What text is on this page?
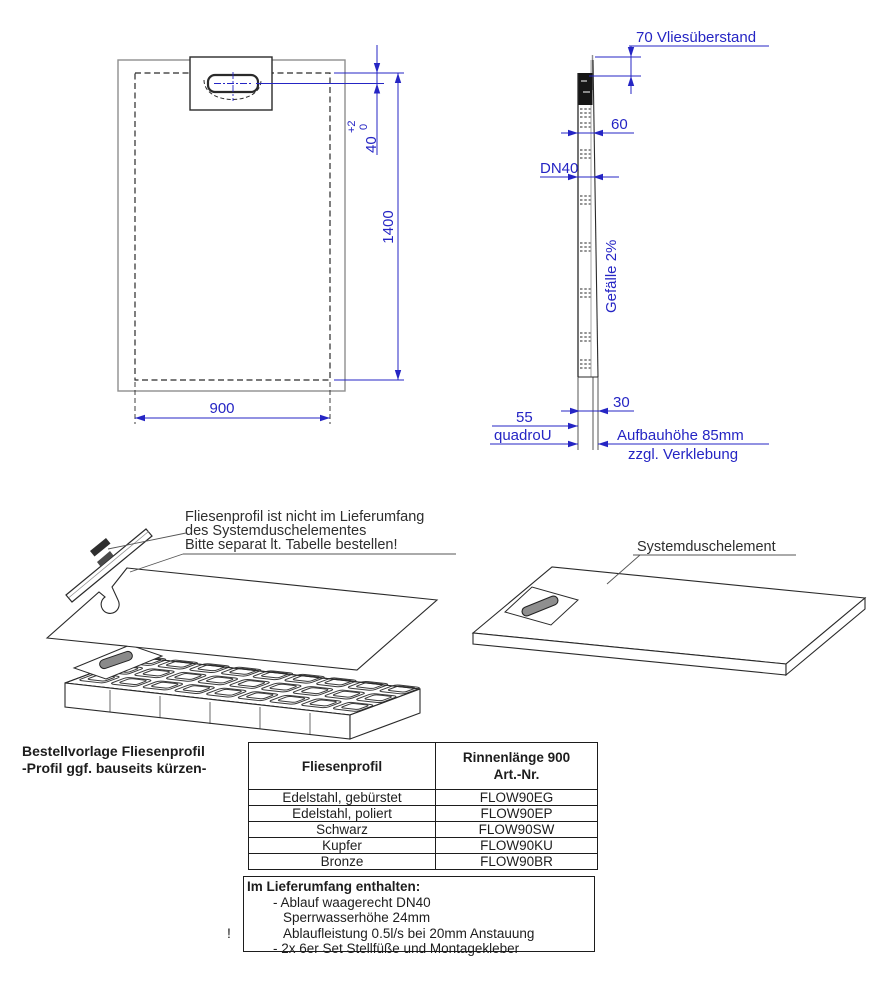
40
+2 0
1400
900
70 Vliesüberstand
60
DN40
Gefälle 2%
30
55
quadroU	Aufbauhöhe 85mm
zzgl. Verklebung
Fliesenprofil ist nicht im Lieferumfang
des Systemduschelementes
Bitte separat lt. Tabelle bestellen!	Systemduschelement
Bestellvorlage Fliesenprofil
-Profil ggf. bauseits kürzen-	Fliesenprofil	Rinnenlänge 900
Art.-Nr.

Edelstahl, gebürstet	FLOW90EG
Edelstahl, poliert	FLOW90EP
Schwarz	FLOW90SW
Kupfer	FLOW90KU
Bronze	FLOW90BR
!
Im Lieferumfang enthalten:
- Ablauf waagerecht DN40
Sperrwasserhöhe 24mm
Ablaufleistung 0.5l/s bei 20mm Anstauung
- 2x 6er Set Stellfüße und Montagekleber
